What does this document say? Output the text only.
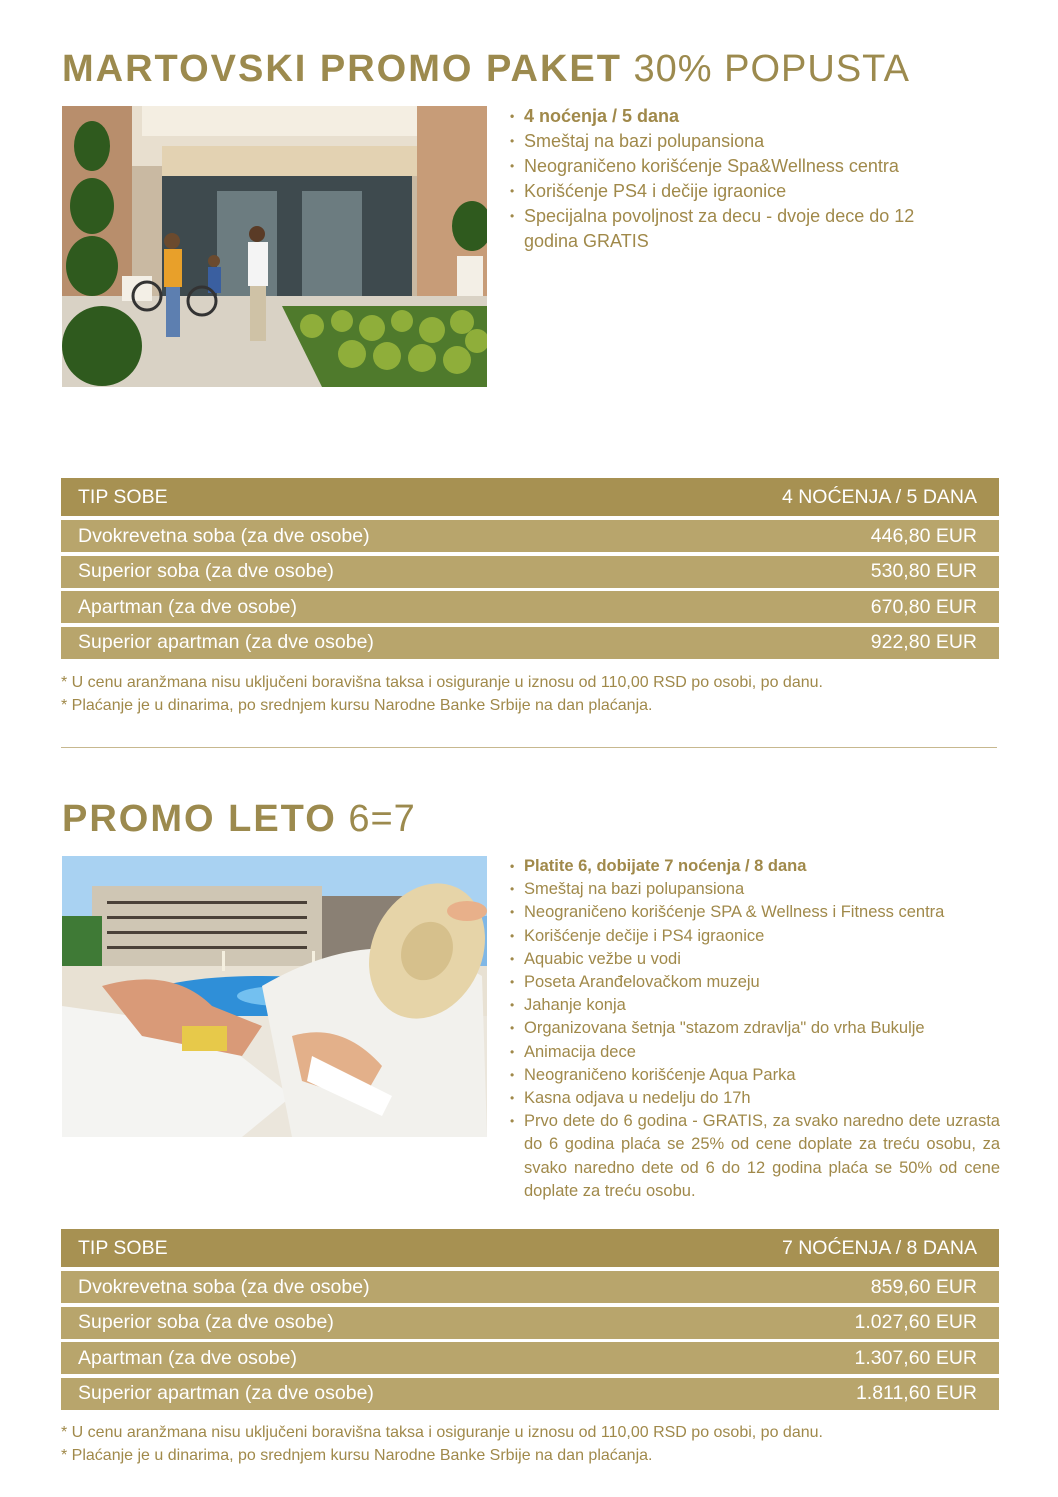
MARTOVSKI PROMO PAKET 30% POPUSTA
• 4 noćenja / 5 dana
• Smeštaj na bazi polupansiona
• Neograničeno korišćenje Spa&Wellness centra
• Korišćenje PS4 i dečije igraonice
• Specijalna povoljnost za decu - dvoje dece do 12 godina GRATIS
TIP SOBE	4 NOĆENJA / 5 DANA
Dvokrevetna soba (za dve osobe)	446,80 EUR
Superior soba (za dve osobe)	530,80 EUR
Apartman (za dve osobe)	670,80 EUR
Superior apartman (za dve osobe)	922,80 EUR
* U cenu aranžmana nisu uključeni boravišna taksa i osiguranje u iznosu od 110,00 RSD po osobi, po danu.
* Plaćanje je u dinarima, po srednjem kursu Narodne Banke Srbije na dan plaćanja.
PROMO LETO 6=7
• Platite 6, dobijate 7 noćenja / 8 dana
• Smeštaj na bazi polupansiona
• Neograničeno korišćenje SPA & Wellness i Fitness centra
• Korišćenje dečije i PS4 igraonice
• Aquabic vežbe u vodi
• Poseta Aranđelovačkom muzeju
• Jahanje konja
• Organizovana šetnja "stazom zdravlja" do vrha Bukulje
• Animacija dece
• Neograničeno korišćenje Aqua Parka
• Kasna odjava u nedelju do 17h
• Prvo dete do 6 godina - GRATIS, za svako naredno dete uzrasta do 6 godina plaća se 25% od cene doplate za treću osobu, za svako naredno dete od 6 do 12 godina plaća se 50% od cene doplate za treću osobu.
TIP SOBE	7 NOĆENJA / 8 DANA
Dvokrevetna soba (za dve osobe)	859,60 EUR
Superior soba (za dve osobe)	1.027,60 EUR
Apartman (za dve osobe)	1.307,60 EUR
Superior apartman (za dve osobe)	1.811,60 EUR
* U cenu aranžmana nisu uključeni boravišna taksa i osiguranje u iznosu od 110,00 RSD po osobi, po danu.
* Plaćanje je u dinarima, po srednjem kursu Narodne Banke Srbije na dan plaćanja.
